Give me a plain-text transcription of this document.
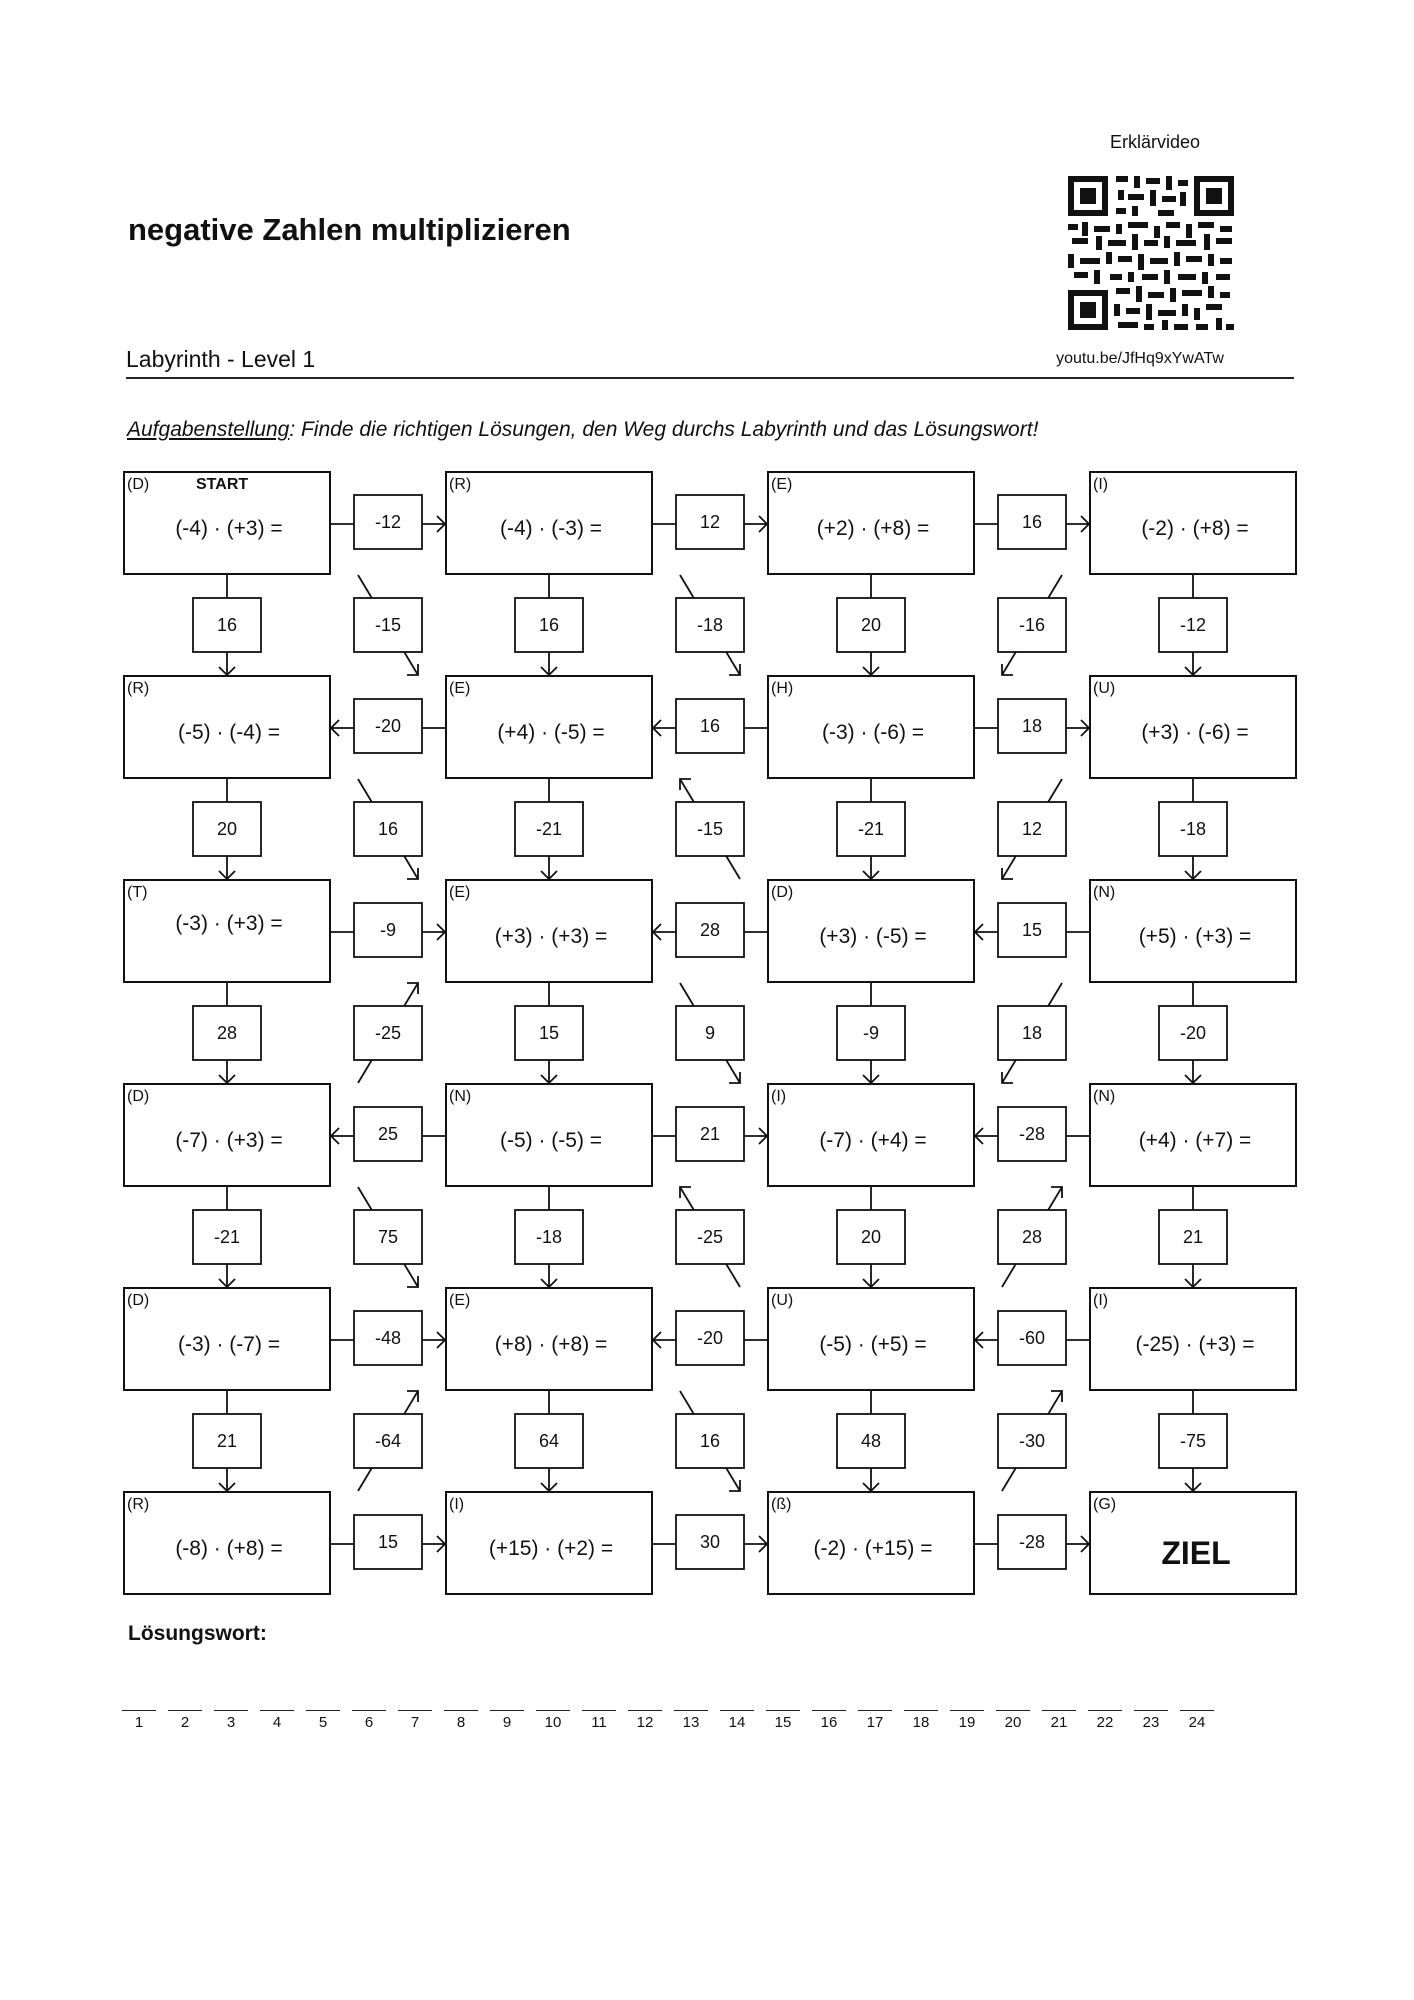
negative Zahlen multiplizieren
Erklärvideo
Labyrinth - Level 1	youtu.be/JfHq9xYwATw
Aufgabenstellung: Finde die richtigen Lösungen, den Weg durchs Labyrinth und das Lösungswort!
(D)
(-4) · (+3) =
(R)
(-4) · (-3) =
(E)
(+2) · (+8) =
(I)
(-2) · (+8) =
(R)
(-5) · (-4) =
(E)
(+4) · (-5) =
(H)
(-3) · (-6) =
(U)
(+3) · (-6) =
(T)
(-3) · (+3) =
(E)
(+3) · (+3) =
(D)
(+3) · (-5) =
(N)
(+5) · (+3) =
(D)
(-7) · (+3) =
(N)
(-5) · (-5) =
(I)
(-7) · (+4) =
(N)
(+4) · (+7) =
(D)
(-3) · (-7) =
(E)
(+8) · (+8) =
(U)
(-5) · (+5) =
(I)
(-25) · (+3) =
(R)
(-8) · (+8) =
(I)
(+15) · (+2) =
(ß)
(-2) · (+15) =
(G)
ZIEL
START
-12	12	16
-20	16	18
-9	28	15
25	21	-28
-48	-20	-60
15	30	-28
16	-15	16	-18	20	-16	-12
20	16	-21	-15	-21	12	-18
28	-25	15	9	-9	18	-20
-21	75	-18	-25	20	28	21
21	-64	64	16	48	-30	-75
Lösungswort:
1	2	3	4	5	6	7	8	9	10	11	12	13	14	15	16	17	18	19	20	21	22	23	24
